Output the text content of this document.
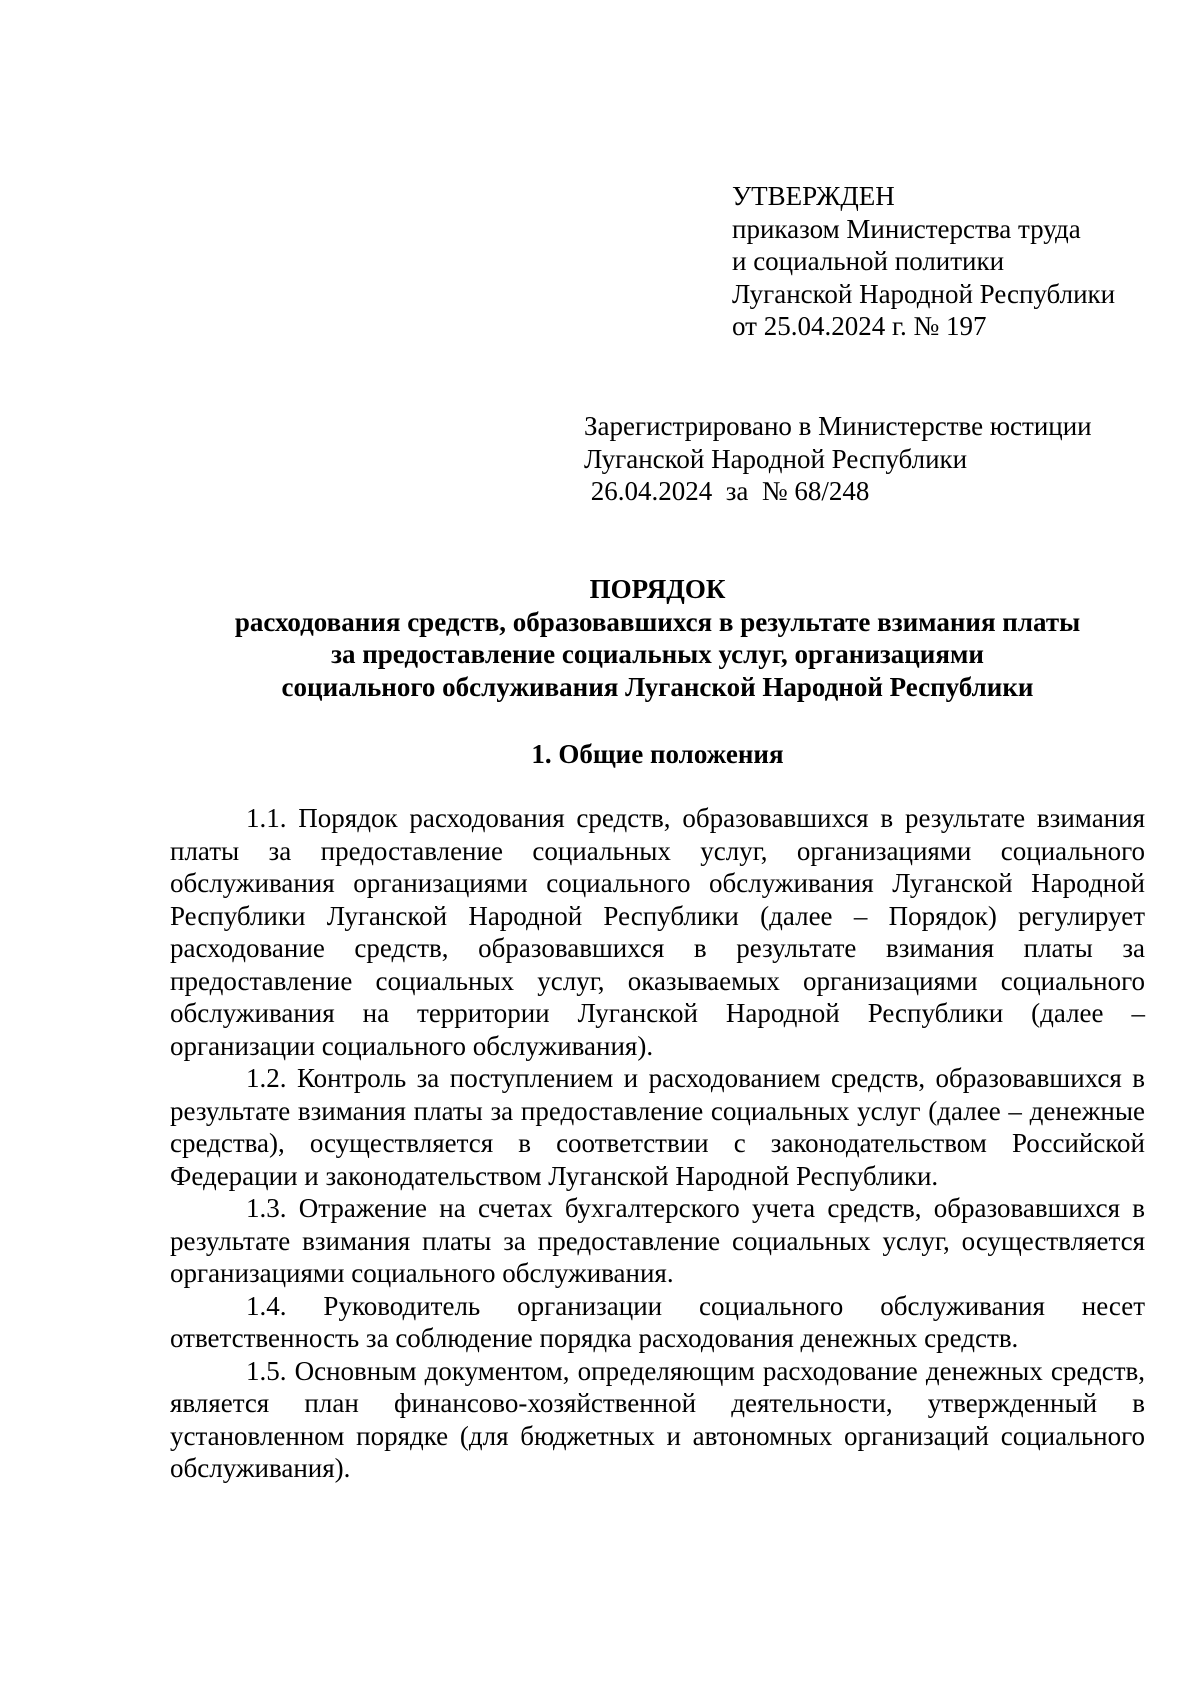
УТВЕРЖДЕН
приказом Министерства труда
и социальной политики
Луганской Народной Республики
от 25.04.2024 г. № 197
Зарегистрировано в Министерстве юстиции
Луганской Народной Республики
26.04.2024  за  № 68/248
ПОРЯДОК
расходования средств, образовавшихся в результате взимания платы
за предоставление социальных услуг, организациями
социального обслуживания Луганской Народной Республики
1. Общие положения

1.1. Порядок расходования средств, образовавшихся в результате взимания платы за предоставление социальных услуг, организациями социального обслуживания организациями социального обслуживания Луганской Народной Республики Луганской Народной Республики (далее – Порядок) регулирует расходование средств, образовавшихся в результате взимания платы за предоставление социальных услуг, оказываемых организациями социального обслуживания на территории Луганской Народной Республики (далее – организации социального обслуживания).

1.2. Контроль за поступлением и расходованием средств, образовавшихся в результате взимания платы за предоставление социальных услуг (далее – денежные средства), осуществляется в соответствии с законодательством Российской Федерации и законодательством Луганской Народной Республики.

1.3. Отражение на счетах бухгалтерского учета средств, образовавшихся в результате взимания платы за предоставление социальных услуг, осуществляется организациями социального обслуживания.

1.4. Руководитель организации социального обслуживания несет ответственность за соблюдение порядка расходования денежных средств.

1.5. Основным документом, определяющим расходование денежных средств, является план финансово-хозяйственной деятельности, утвержденный в установленном порядке (для бюджетных и автономных организаций социального обслуживания).
